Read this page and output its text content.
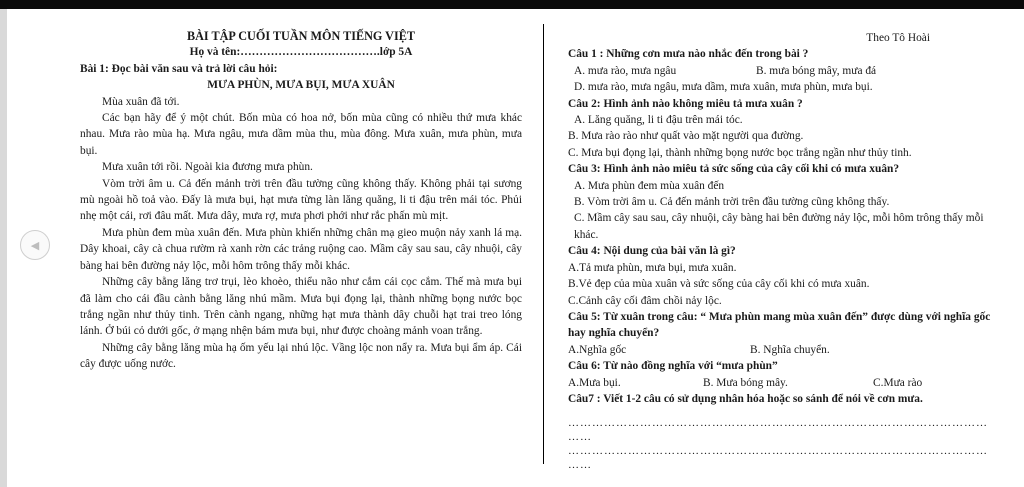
◀
BÀI TẬP CUỐI TUẦN MÔN TIẾNG VIỆT
Họ và tên:……………………………….lớp 5A
Bài 1: Đọc bài văn sau và trả lời câu hỏi:
MƯA PHÙN, MƯA BỤI, MƯA XUÂN
Mùa xuân đã tới.
Các bạn hãy để ý một chút. Bốn mùa có hoa nở, bốn mùa cũng có nhiều thứ mưa khác nhau. Mưa rào mùa hạ. Mưa ngâu, mưa dầm mùa thu, mùa đông. Mưa xuân, mưa phùn, mưa bụi.
Mưa xuân tới rồi. Ngoài kia đương mưa phùn.
Vòm trời âm u. Cả đến mảnh trời trên đầu tường cũng không thấy. Không phải tại sương mù ngoài hồ toả vào. Đấy là mưa bụi, hạt mưa từng làn lăng quăng, li ti đậu trên mái tóc. Phủi nhẹ một cái, rơi đâu mất. Mưa dây, mưa rợ, mưa phơi phới như rắc phấn mù mịt.
Mưa phùn đem mùa xuân đến. Mưa phùn khiến những chân mạ gieo muộn nảy xanh lá mạ. Dây khoai, cây cà chua rườm rà xanh rờn các trảng ruộng cao. Mầm cây sau sau, cây nhuội, cây bàng hai bên đường nảy lộc, mỗi hôm trông thấy mỗi khác.
Những cây bằng lăng trơ trụi, lèo khoèo, thiểu não như cắm cái cọc cắm. Thế mà mưa bụi đã làm cho cái đầu cành bằng lăng nhú mầm. Mưa bụi đọng lại, thành những bọng nước bọc trắng ngần như thủy tinh. Trên cành ngang, những hạt mưa thành dây chuỗi hạt trai treo lóng lánh. Ở búi cỏ dưới gốc, ở mạng nhện bám mưa bụi, như được choàng mảnh voan trắng.
Những cây bằng lăng mùa hạ ốm yếu lại nhú lộc. Vầng lộc non nẩy ra. Mưa bụi ẩm áp. Cái cây được uống nước.
Theo Tô Hoài
Câu 1 : Những cơn mưa nào nhắc đến trong bài ?
A. mưa rào, mưa ngâu	B. mưa bóng mây, mưa đá
D. mưa rào, mưa ngâu, mưa dầm, mưa xuân, mưa phùn, mưa bụi.
Câu 2: Hình ảnh nào không miêu tả mưa xuân ?
A. Lăng quăng, li ti đậu trên mái tóc.
B. Mưa rào rào như quất vào mặt người qua đường.
C. Mưa bụi đọng lại, thành những bọng nước bọc trắng ngần như thủy tinh.
Câu 3: Hình ảnh nào miêu tả sức sống của cây cối khi có mưa xuân?
A. Mưa phùn đem mùa xuân đến
B. Vòm trời âm u. Cả đến mảnh trời trên đầu tường cũng không thấy.
C. Mầm cây sau sau, cây nhuội, cây bàng hai bên đường nảy lộc, mỗi hôm trông thấy mỗi khác.
Câu 4: Nội dung của bài văn là gì?
A.Tả mưa phùn, mưa bụi, mưa xuân.
B.Vẻ đẹp của mùa xuân và sức sống của cây cối khi có mưa xuân.
C.Cảnh cây cối đâm chồi nảy lộc.
Câu 5: Từ xuân trong câu: “ Mưa phùn mang mùa xuân đến” được dùng với nghĩa gốc hay nghĩa chuyển?
A.Nghĩa gốc	B. Nghĩa chuyển.
Câu 6: Từ nào đồng nghĩa với “mưa phùn”
A.Mưa bụi.	B. Mưa bóng mây.	C.Mưa rào
Câu7 : Viết 1-2 câu có sử dụng nhân hóa hoặc so sánh để nói về cơn mưa.
……………………………………………………………………………………………
……
……………………………………………………………………………………………
……
